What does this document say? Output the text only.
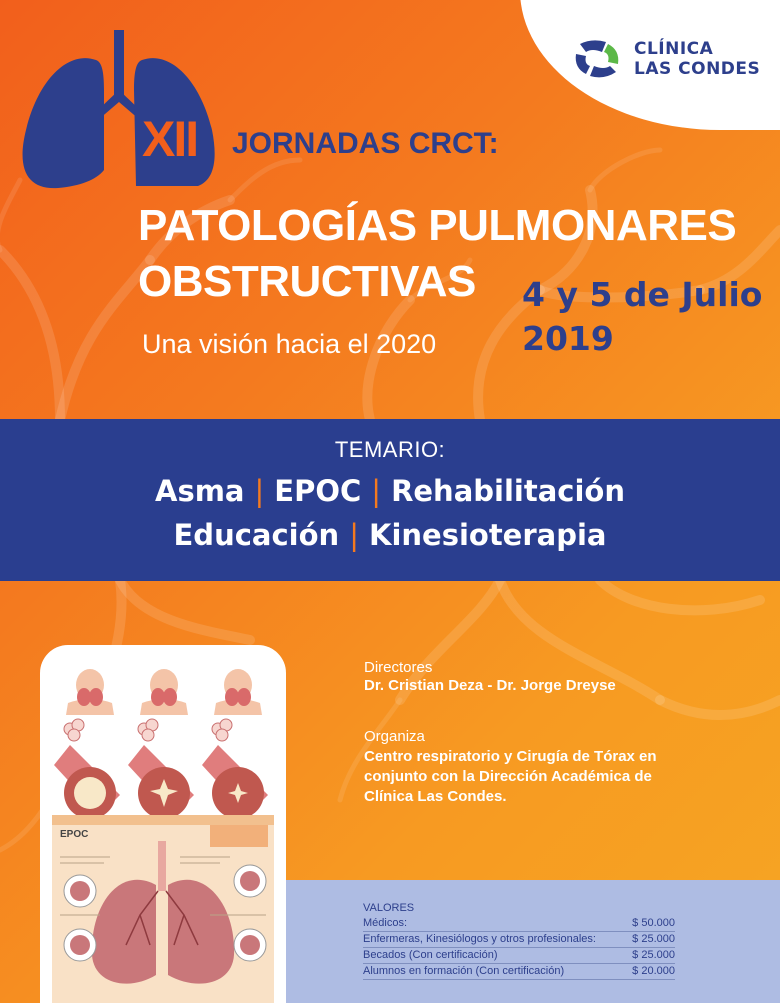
CLÍNICA
LAS CONDES
XII JORNADAS CRCT:
PATOLOGÍAS PULMONARES
OBSTRUCTIVAS
Una visión hacia el 2020
4 y 5 de Julio
2019
TEMARIO:
Asma | EPOC | Rehabilitación
Educación | Kinesioterapia
EPOC
Directores
Dr. Cristian Deza - Dr. Jorge Dreyse
Organiza
Centro respiratorio y Cirugía de Tórax en
conjunto con la Dirección Académica de
Clínica Las Condes.
VALORES
Médicos:	$ 50.000
Enfermeras, Kinesiólogos y otros profesionales:	$ 25.000
Becados (Con certificación)	$ 25.000
Alumnos en formación (Con certificación)	$ 20.000
